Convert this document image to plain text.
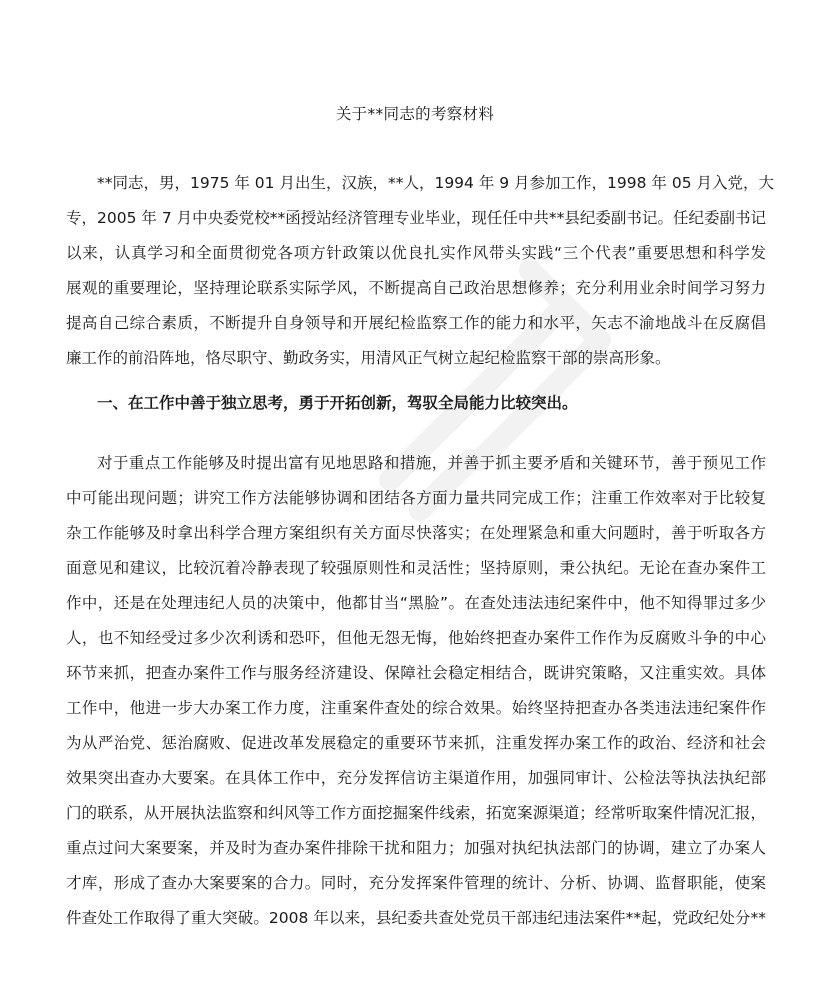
关于**同志的考察材料
**同志，男，1975 年 01 月出生，汉族，**人，1994 年 9 月参加工作，1998 年 05 月入党，大
专，2005 年 7 月中央委党校**函授站经济管理专业毕业，现任任中共**县纪委副书记。任纪委副书记
以来，认真学习和全面贯彻党各项方针政策以优良扎实作风带头实践“三个代表”重要思想和科学发
展观的重要理论，坚持理论联系实际学风，不断提高自己政治思想修养；充分利用业余时间学习努力
提高自己综合素质，不断提升自身领导和开展纪检监察工作的能力和水平，矢志不渝地战斗在反腐倡
廉工作的前沿阵地，恪尽职守、勤政务实，用清风正气树立起纪检监察干部的崇高形象。
一、在工作中善于独立思考，勇于开拓创新，驾驭全局能力比较突出。
对于重点工作能够及时提出富有见地思路和措施，并善于抓主要矛盾和关键环节，善于预见工作
中可能出现问题；讲究工作方法能够协调和团结各方面力量共同完成工作；注重工作效率对于比较复
杂工作能够及时拿出科学合理方案组织有关方面尽快落实；在处理紧急和重大问题时，善于听取各方
面意见和建议，比较沉着冷静表现了较强原则性和灵活性；坚持原则，秉公执纪。无论在查办案件工
作中，还是在处理违纪人员的决策中，他都甘当“黑脸”。在查处违法违纪案件中，他不知得罪过多少
人，也不知经受过多少次利诱和恐吓，但他无怨无悔，他始终把查办案件工作作为反腐败斗争的中心
环节来抓，把查办案件工作与服务经济建设、保障社会稳定相结合，既讲究策略，又注重实效。具体
工作中，他进一步大办案工作力度，注重案件查处的综合效果。始终坚持把查办各类违法违纪案件作
为从严治党、惩治腐败、促进改革发展稳定的重要环节来抓，注重发挥办案工作的政治、经济和社会
效果突出查办大要案。在具体工作中，充分发挥信访主渠道作用，加强同审计、公检法等执法执纪部
门的联系，从开展执法监察和纠风等工作方面挖掘案件线索，拓宽案源渠道；经常听取案件情况汇报，
重点过问大案要案，并及时为查办案件排除干扰和阻力；加强对执纪执法部门的协调，建立了办案人
才库，形成了查办大案要案的合力。同时，充分发挥案件管理的统计、分析、协调、监督职能，使案
件查处工作取得了重大突破。2008 年以来，县纪委共查处党员干部违纪违法案件**起，党政纪处分**
